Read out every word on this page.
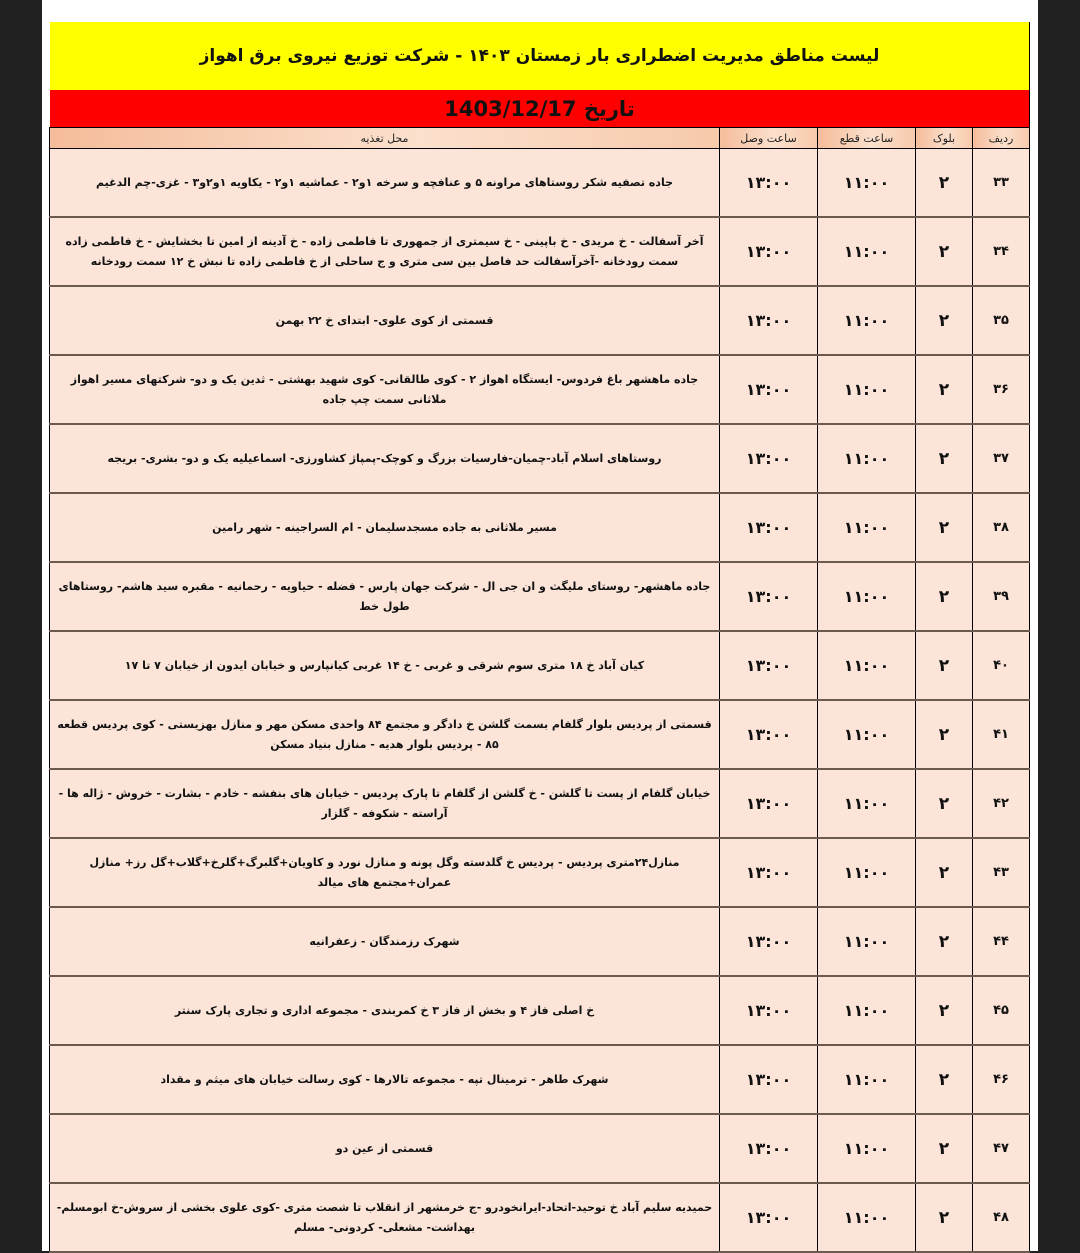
لیست مناطق مدیریت اضطراری بار زمستان ۱۴۰۳ - شرکت توزیع نیروی برق اهواز
تاریخ 1403/12/17
ردیف	بلوک	ساعت قطع	ساعت وصل	محل تغذیه
۳۳	۲	۱۱:۰۰	۱۳:۰۰	جاده تصفیه شکر روستاهای مراونه ۵ و عنافچه و سرخه ۱و۲ - عماشیه ۱و۲ - یکاویه ۱و۲و۳ - غزی-چم الدغیم
۳۴	۲	۱۱:۰۰	۱۳:۰۰	آخر آسفالت - خ مریدی - خ باپینی - خ سیمتری از جمهوری تا فاطمی زاده - خ آدینه از امین تا بخشایش - خ فاطمی زاده سمت رودخانه -آخرآسفالت حد فاصل بین سی متری و ج ساحلی از خ فاطمی زاده تا نبش خ ۱۲ سمت رودخانه
۳۵	۲	۱۱:۰۰	۱۳:۰۰	قسمتی از کوی علوی- ابتدای خ ۲۲ بهمن
۳۶	۲	۱۱:۰۰	۱۳:۰۰	جاده ماهشهر باغ فردوس- ایستگاه اهواز ۲ - کوی طالقانی- کوی شهید بهشتی - ثدین یک و دو- شرکتهای مسیر اهواز ملاثانی سمت چپ جاده
۳۷	۲	۱۱:۰۰	۱۳:۰۰	روستاهای اسلام آباد-چمیان-فارسیات بزرگ و کوچک-پمپاژ کشاورزی- اسماعیلیه یک و دو- بشری- بریجه
۳۸	۲	۱۱:۰۰	۱۳:۰۰	مسیر ملاثانی به جاده مسجدسلیمان - ام السراجینه - شهر رامین
۳۹	۲	۱۱:۰۰	۱۳:۰۰	جاده ماهشهر- روستای ملیگث و ان جی ال - شرکت جهان پارس - فضله - حیاویه - رحمانیه - مقبره سید هاشم- روستاهای طول خط
۴۰	۲	۱۱:۰۰	۱۳:۰۰	کیان آباد خ ۱۸ متری سوم شرقی و غربی - خ ۱۴ غربی کیانپارس و خیابان ایدون از خیابان ۷ تا ۱۷
۴۱	۲	۱۱:۰۰	۱۳:۰۰	قسمتی از پردیس بلوار گلفام بسمت گلشن خ دادگر و مجتمع ۸۴ واحدی مسکن مهر و منازل بهزیستی - کوی پردیس قطعه ۸۵ - پردیس بلوار هدیه - منازل بنیاد مسکن
۴۲	۲	۱۱:۰۰	۱۳:۰۰	خیابان گلفام از پست تا گلشن - خ گلشن از گلفام تا پارک پردیس - خیابان های بنفشه - خادم - بشارت - خروش - ژاله ها - آراسته - شکوفه - گلزار
۴۳	۲	۱۱:۰۰	۱۳:۰۰	منازل۲۴متری پردیس - پردیس خ گلدسته وگل پونه و منازل نورد و کاویان+گلبرگ+گلرخ+گلاب+گل رز+ منازل عمران+مجتمع های میالد
۴۴	۲	۱۱:۰۰	۱۳:۰۰	شهرک رزمندگان - زعفرانیه
۴۵	۲	۱۱:۰۰	۱۳:۰۰	خ اصلی فاز ۴ و بخش از فاز ۳ خ کمربندی - مجموعه اداری و تجاری پارک سنتر
۴۶	۲	۱۱:۰۰	۱۳:۰۰	شهرک طاهر - ترمینال تپه - مجموعه تالارها - کوی رسالت خیابان های میثم و مقداد
۴۷	۲	۱۱:۰۰	۱۳:۰۰	قسمتی از عین دو
۴۸	۲	۱۱:۰۰	۱۳:۰۰	حمیدیه سلیم آباد خ توحید-اتحاد-ایرانخودرو -ج خرمشهر از انقلاب تا شصت متری -کوی علوی بخشی از سروش-خ ابومسلم- بهداشت- مشعلی- کردونی- مسلم
